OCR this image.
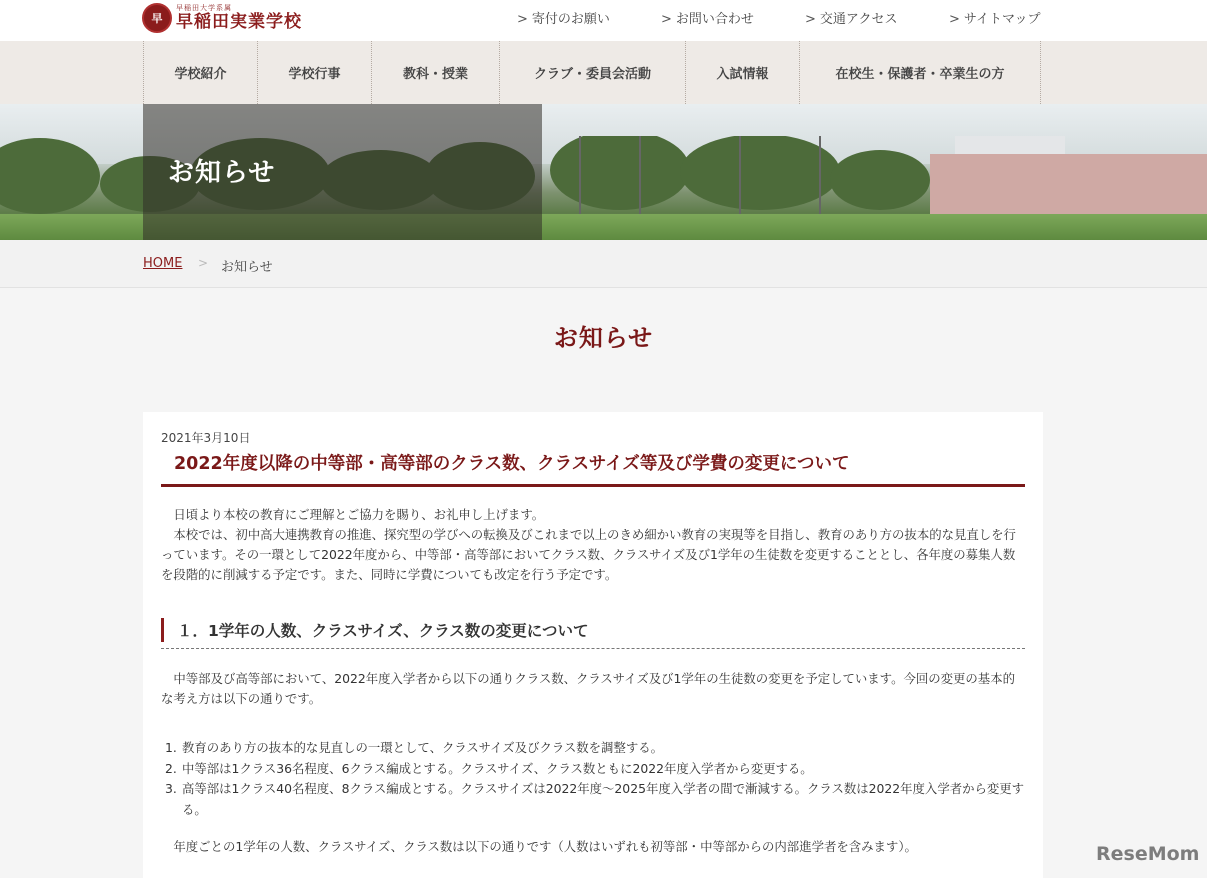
早
早稲田大学系属
早稲田実業学校	> 寄付のお願い	> お問い合わせ	> 交通アクセス	> サイトマップ
学校紹介	学校行事	教科・授業	クラブ・委員会活動	入試情報	在校生・保護者・卒業生の方
お知らせ
HOME > お知らせ
お知らせ
2021年3月10日
2022年度以降の中等部・高等部のクラス数、クラスサイズ等及び学費の変更について

　日頃より本校の教育にご理解とご協力を賜り、お礼申し上げます。
　本校では、初中高大連携教育の推進、探究型の学びへの転換及びこれまで以上のきめ細かい教育の実現等を目指し、教育のあり方の抜本的な見直しを行っています。その一環として2022年度から、中等部・高等部においてクラス数、クラスサイズ及び1学年の生徒数を変更することとし、各年度の募集人数を段階的に削減する予定です。また、同時に学費についても改定を行う予定です。

１．1学年の人数、クラスサイズ、クラス数の変更について

　中等部及び高等部において、2022年度入学者から以下の通りクラス数、クラスサイズ及び1学年の生徒数の変更を予定しています。今回の変更の基本的な考え方は以下の通りです。

1. 教育のあり方の抜本的な見直しの一環として、クラスサイズ及びクラス数を調整する。
2. 中等部は1クラス36名程度、6クラス編成とする。クラスサイズ、クラス数ともに2022年度入学者から変更する。
3. 高等部は1クラス40名程度、8クラス編成とする。クラスサイズは2022年度～2025年度入学者の間で漸減する。クラス数は2022年度入学者から変更する。

　年度ごとの1学年の人数、クラスサイズ、クラス数は以下の通りです（人数はいずれも初等部・中等部からの内部進学者を含みます）。	ReseMom
